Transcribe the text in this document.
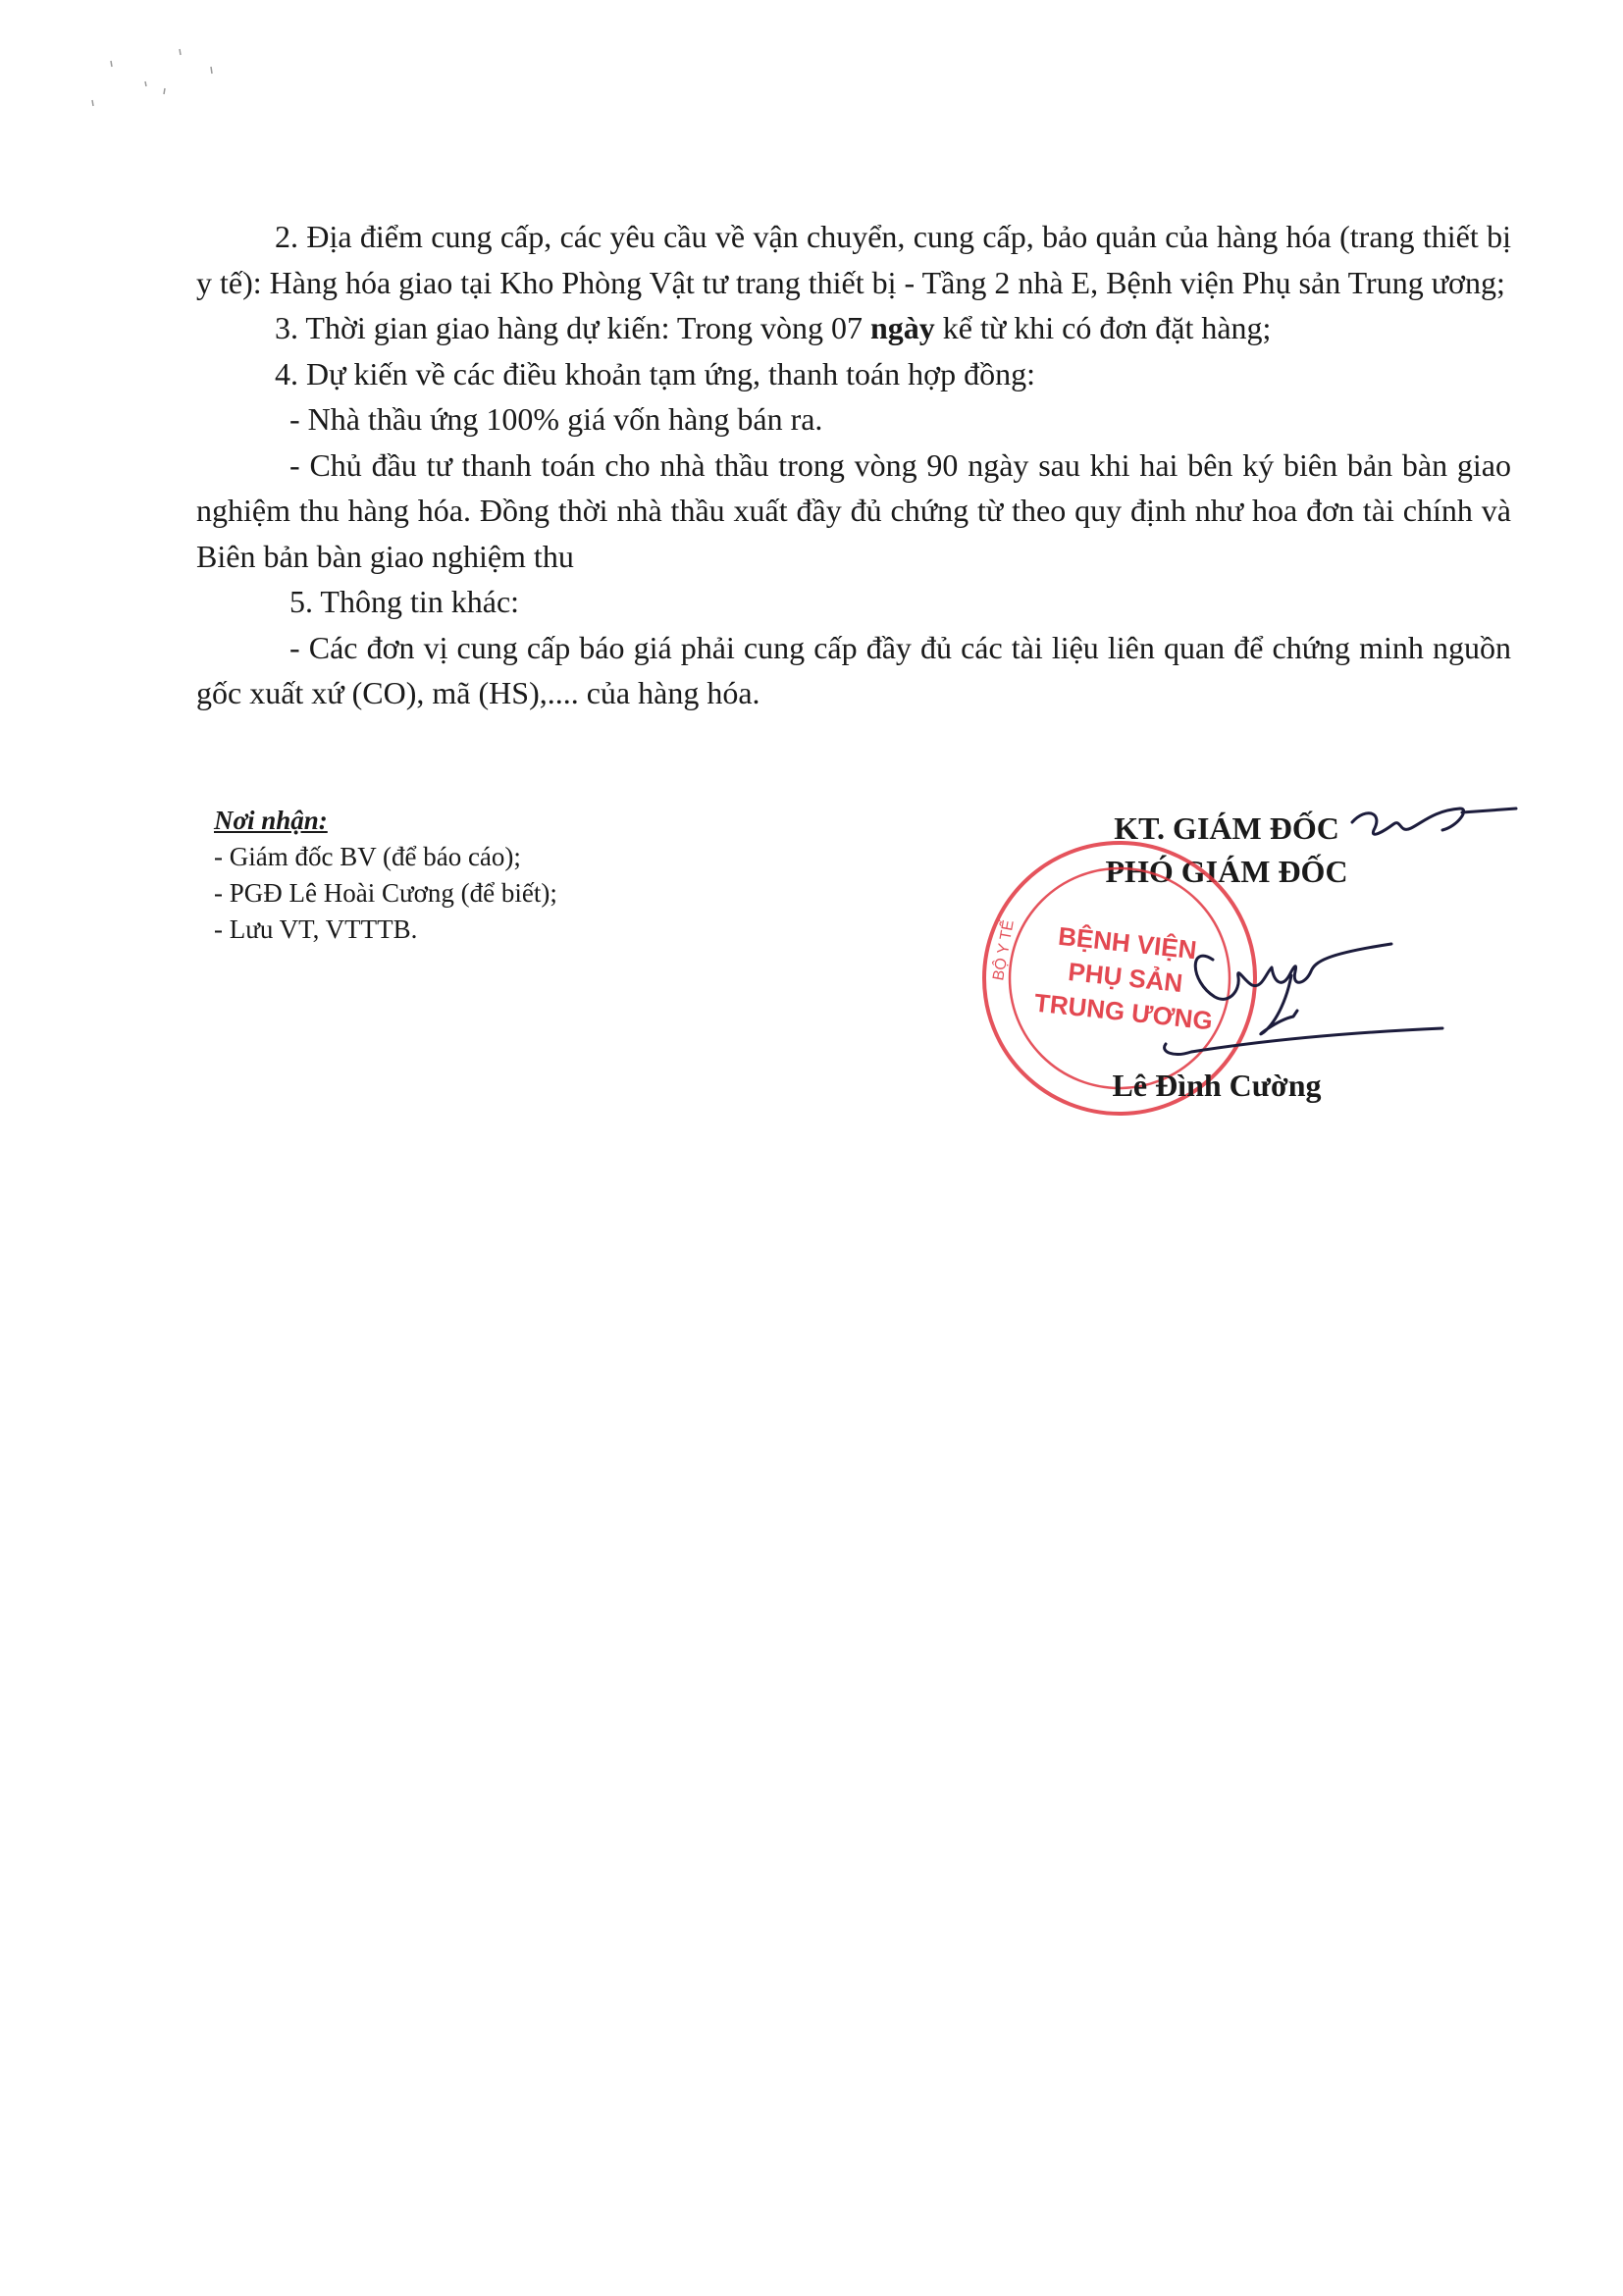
2. Địa điểm cung cấp, các yêu cầu về vận chuyển, cung cấp, bảo quản của hàng hóa (trang thiết bị y tế): Hàng hóa giao tại Kho Phòng Vật tư trang thiết bị - Tầng 2 nhà E, Bệnh viện Phụ sản Trung ương;

3. Thời gian giao hàng dự kiến: Trong vòng 07 ngày kể từ khi có đơn đặt hàng;

4. Dự kiến về các điều khoản tạm ứng, thanh toán hợp đồng:

- Nhà thầu ứng 100% giá vốn hàng bán ra.

- Chủ đầu tư thanh toán cho nhà thầu trong vòng 90 ngày sau khi hai bên ký biên bản bàn giao nghiệm thu hàng hóa. Đồng thời nhà thầu xuất đầy đủ chứng từ theo quy định như hoa đơn tài chính và Biên bản bàn giao nghiệm thu

5. Thông tin khác:

- Các đơn vị cung cấp báo giá phải cung cấp đầy đủ các tài liệu liên quan để chứng minh nguồn gốc xuất xứ (CO), mã (HS),.... của hàng hóa.

Nơi nhận:

- Giám đốc BV (để báo cáo);

- PGĐ Lê Hoài Cương (để biết);

- Lưu VT, VTTTB.

KT. GIÁM ĐỐC

PHÓ GIÁM ĐỐC

BỘ Y TẾ BỆNH VIỆN
PHỤ SẢN
TRUNG ƯƠNG

Lê Đình Cường
